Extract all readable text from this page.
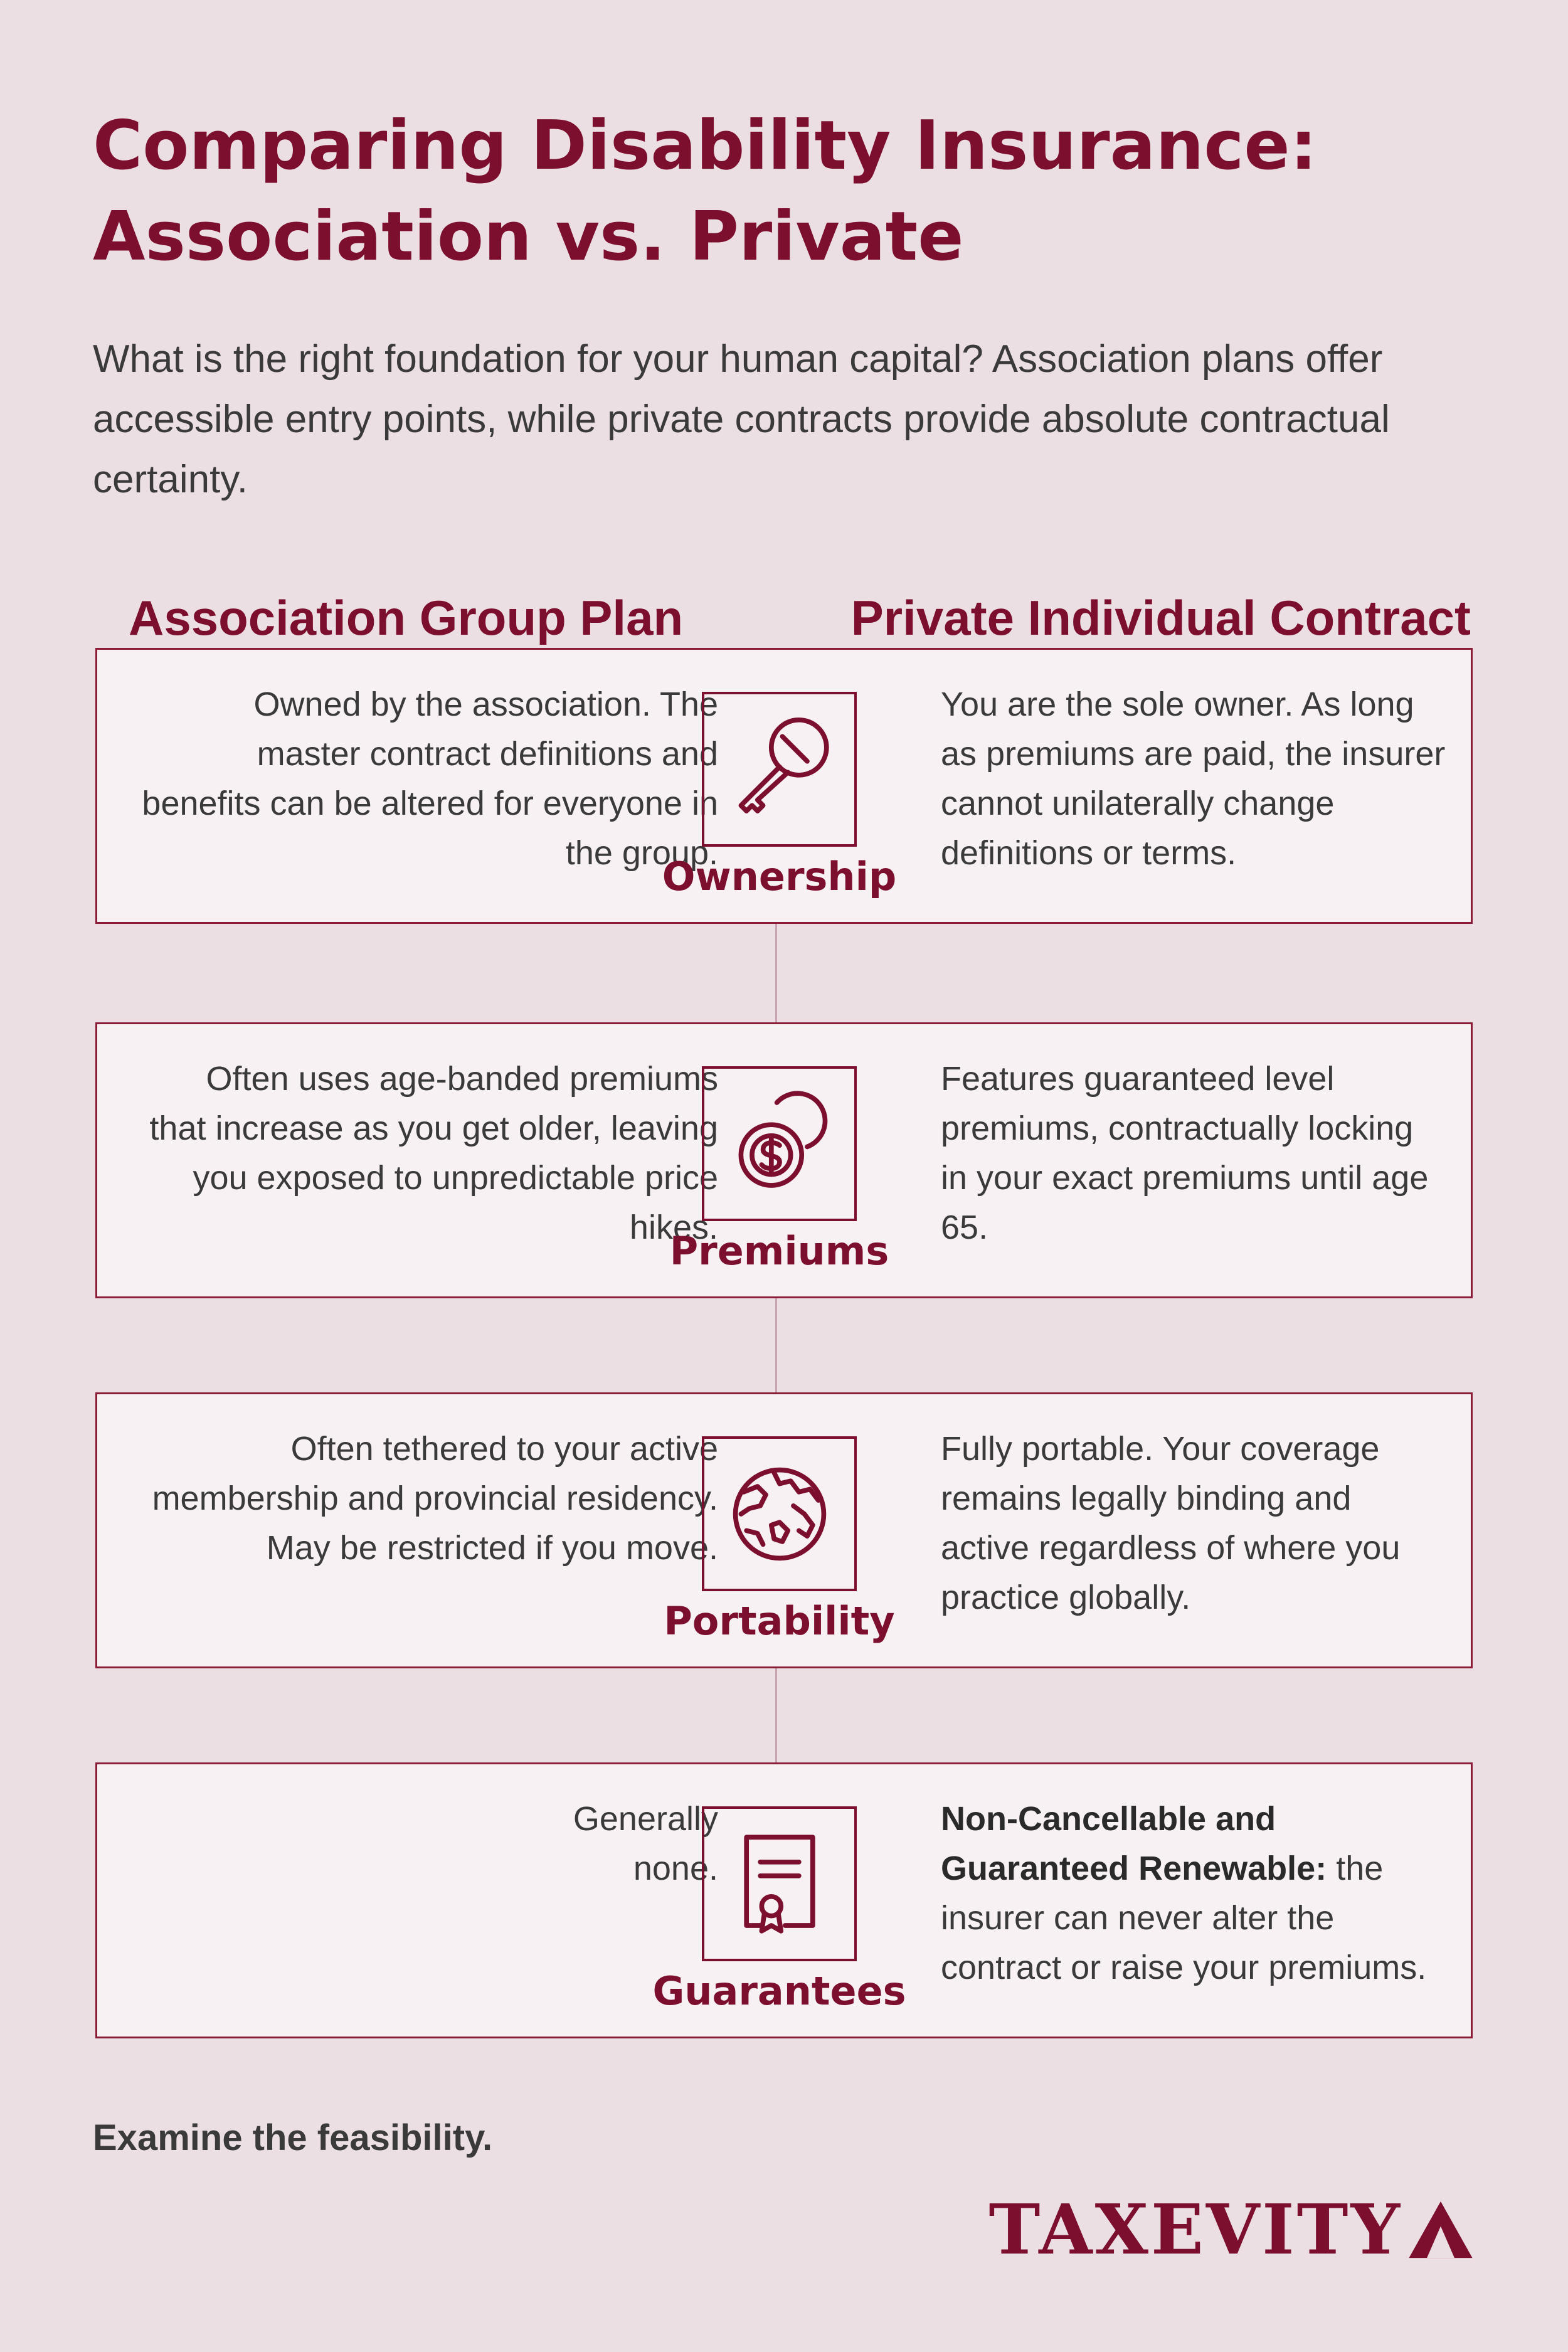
Comparing Disability Insurance: Association vs. Private

What is the right foundation for your human capital? Association plans offer accessible entry points, while private contracts provide absolute contractual certainty.

Association Group Plan	Private Individual Contract
Owned by the association. The master contract definitions and benefits can be altered for everyone in the group.
Ownership
You are the sole owner. As long as premiums are paid, the insurer cannot unilaterally change definitions or terms.
Often uses age-banded premiums that increase as you get older, leaving you exposed to unpredictable price hikes.
Premiums
Features guaranteed level premiums, contractually locking in your exact premiums until age 65.
Often tethered to your active membership and provincial residency. May be restricted if you move.
Portability
Fully portable. Your coverage remains legally binding and active regardless of where you practice globally.
Generally none.
Guarantees
Non-Cancellable and Guaranteed Renewable: the insurer can never alter the contract or raise your premiums.

Examine the feasibility.

TAXEVITY
